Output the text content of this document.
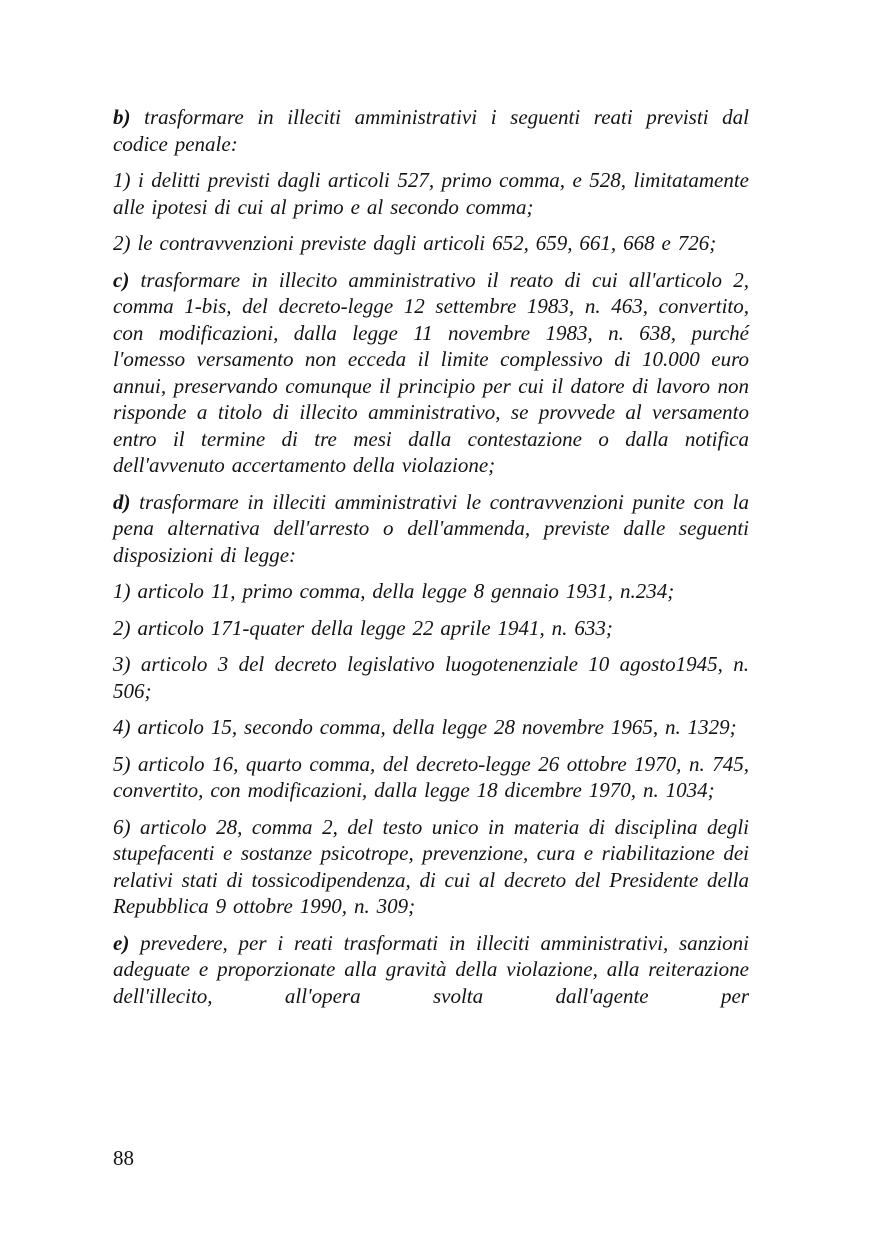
b) trasformare in illeciti amministrativi i seguenti reati previsti dal codice penale:

1) i delitti previsti dagli articoli 527, primo comma, e 528, limitatamente alle ipotesi di cui al primo e al secondo comma;

2) le contravvenzioni previste dagli articoli 652, 659, 661, 668 e 726;

c) trasformare in illecito amministrativo il reato di cui all'articolo 2, comma 1-bis, del decreto-legge 12 settembre 1983, n. 463, convertito, con modificazioni, dalla legge 11 novembre 1983, n. 638, purché l'omesso versamento non ecceda il limite complessivo di 10.000 euro annui, preservando comunque il principio per cui il datore di lavoro non risponde a titolo di illecito amministrativo, se provvede al versamento entro il termine di tre mesi dalla contestazione o dalla notifica dell'avvenuto accertamento della violazione;

d) trasformare in illeciti amministrativi le contravvenzioni punite con la pena alternativa dell'arresto o dell'ammenda, previste dalle seguenti disposizioni di legge:

1) articolo 11, primo comma, della legge 8 gennaio 1931, n.234;

2) articolo 171-quater della legge 22 aprile 1941, n. 633;

3) articolo 3 del decreto legislativo luogotenenziale 10 agosto1945, n. 506;

4) articolo 15, secondo comma, della legge 28 novembre 1965, n. 1329;

5) articolo 16, quarto comma, del decreto-legge 26 ottobre 1970, n. 745, convertito, con modificazioni, dalla legge 18 dicembre 1970, n. 1034;

6) articolo 28, comma 2, del testo unico in materia di disciplina degli stupefacenti e sostanze psicotrope, prevenzione, cura e riabilitazione dei relativi stati di tossicodipendenza, di cui al decreto del Presidente della Repubblica 9 ottobre 1990, n. 309;

e) prevedere, per i reati trasformati in illeciti amministrativi, sanzioni adeguate e proporzionate alla gravità della violazione, alla reiterazione dell'illecito, all'opera svolta dall'agente per

88
